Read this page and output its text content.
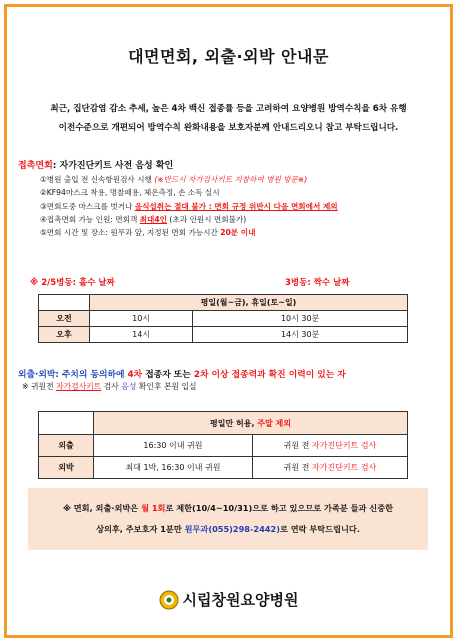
대면면회, 외출·외박 안내문
최근, 집단감염 감소 추세, 높은 4차 백신 접종률 등을 고려하여 요양병원 방역수칙을 6차 유행
이전수준으로 개편되어 방역수칙 완화내용을 보호자분께 안내드리오니 참고 부탁드립니다.
접촉면회: 자가진단키트 사전 음성 확인
①병원 출입 전 신속항원검사 시행 (※반드시 자가검사키트 지참하여 병원 방문※)
②KF94마스크 착용, 명찰패용, 체온측정, 손 소독 실시
③면회도중 마스크를 벗거나 음식섭취는 절대 불가 : 면회 규정 위반시 다음 면회에서 제외
④접촉면회 가능 인원: 면회객 최대4인 (초과 인원시 면회불가)
⑤면회 시간 및 장소: 원무과 앞, 지정된 면회 가능시간 20분 이내
※ 2/5병동: 홀수 날짜	3병동: 짝수 날짜
	평일(월~금), 휴일(토~일)	
오전	10시	10시 30분
오후	14시	14시 30분
외출·외박: 주치의 동의하에 4차 접종자 또는 2차 이상 접종력과 확진 이력이 있는 자
※ 귀원전 자가검사키트 검사 음성 확인후 본원 입실
	평일만 허용, 주말 제외	
외출	16:30 이내 귀원	귀원 전 자가진단키트 검사
외박	최대 1박, 16:30 이내 귀원	귀원 전 자가진단키트 검사
※ 면회, 외출·외박은 월 1회로 제한(10/4~10/31)으로 하고 있으므로 가족분 들과 신중한
상의후, 주보호자 1분만 원무과(055)298-2442)로 연락 부탁드립니다.
시립창원요양병원
